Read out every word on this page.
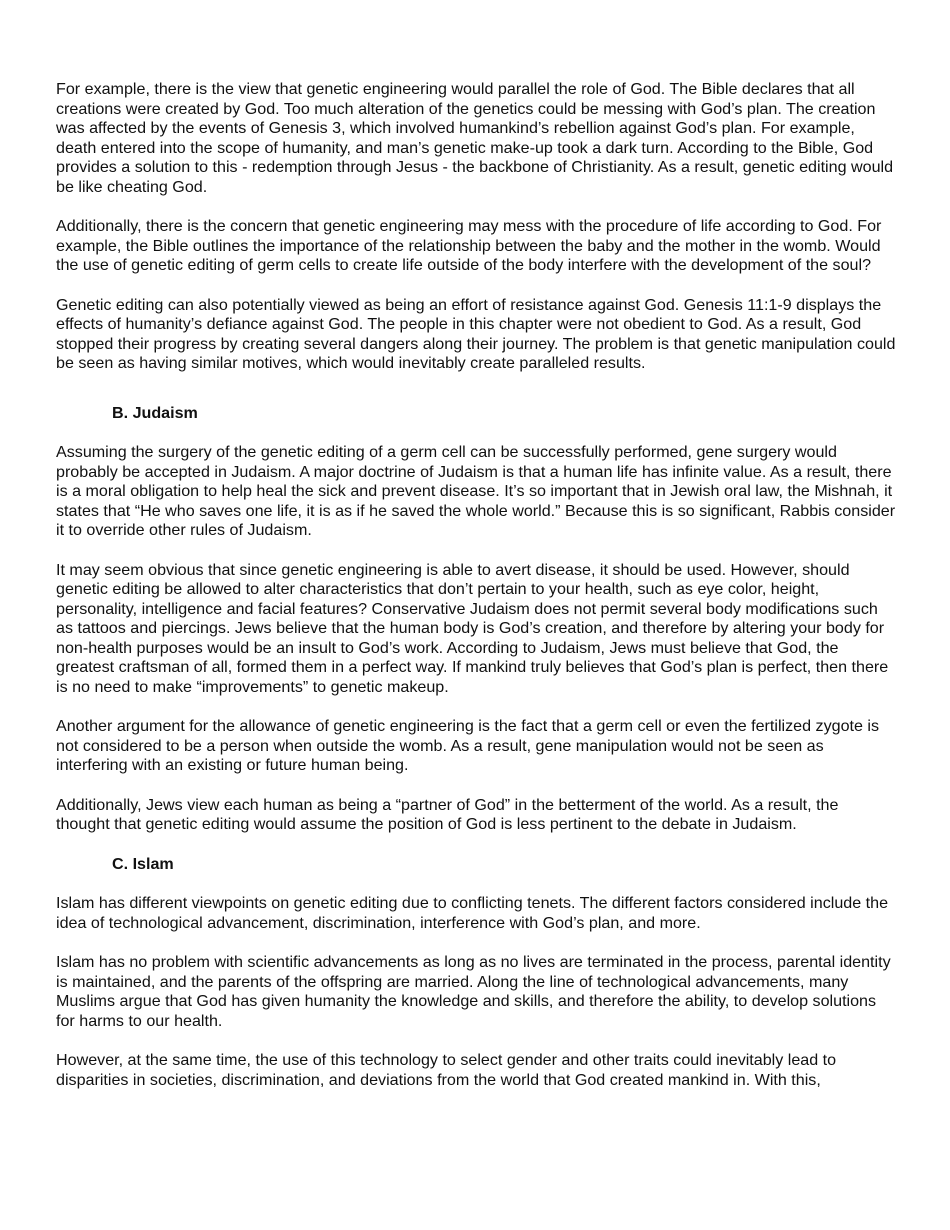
For example, there is the view that genetic engineering would parallel the role of God. The Bible declares that all creations were created by God. Too much alteration of the genetics could be messing with God’s plan. The creation was affected by the events of Genesis 3, which involved humankind’s rebellion against God’s plan. For example, death entered into the scope of humanity, and man’s genetic make-up took a dark turn. According to the Bible, God provides a solution to this - redemption through Jesus - the backbone of Christianity. As a result, genetic editing would be like cheating God.

Additionally, there is the concern that genetic engineering may mess with the procedure of life according to God. For example, the Bible outlines the importance of the relationship between the baby and the mother in the womb. Would the use of genetic editing of germ cells to create life outside of the body interfere with the development of the soul?

Genetic editing can also potentially viewed as being an effort of resistance against God. Genesis 11:1-9 displays the effects of humanity’s defiance against God. The people in this chapter were not obedient to God. As a result, God stopped their progress by creating several dangers along their journey. The problem is that genetic manipulation could be seen as having similar motives, which would inevitably create paralleled results.

B. Judaism

Assuming the surgery of the genetic editing of a germ cell can be successfully performed, gene surgery would probably be accepted in Judaism. A major doctrine of Judaism is that a human life has infinite value. As a result, there is a moral obligation to help heal the sick and prevent disease. It’s so important that in Jewish oral law, the Mishnah, it states that “He who saves one life, it is as if he saved the whole world.” Because this is so significant, Rabbis consider it to override other rules of Judaism.

It may seem obvious that since genetic engineering is able to avert disease, it should be used. However, should genetic editing be allowed to alter characteristics that don’t pertain to your health, such as eye color, height, personality, intelligence and facial features? Conservative Judaism does not permit several body modifications such as tattoos and piercings. Jews believe that the human body is God’s creation, and therefore by altering your body for non-health purposes would be an insult to God’s work. According to Judaism, Jews must believe that God, the greatest craftsman of all, formed them in a perfect way. If mankind truly believes that God’s plan is perfect, then there is no need to make “improvements” to genetic makeup.

Another argument for the allowance of genetic engineering is the fact that a germ cell or even the fertilized zygote is not considered to be a person when outside the womb. As a result, gene manipulation would not be seen as interfering with an existing or future human being.

Additionally, Jews view each human as being a “partner of God” in the betterment of the world. As a result, the thought that genetic editing would assume the position of God is less pertinent to the debate in Judaism.

C. Islam

Islam has different viewpoints on genetic editing due to conflicting tenets. The different factors considered include the idea of technological advancement, discrimination, interference with God’s plan, and more.

Islam has no problem with scientific advancements as long as no lives are terminated in the process, parental identity is maintained, and the parents of the offspring are married. Along the line of technological advancements, many Muslims argue that God has given humanity the knowledge and skills, and therefore the ability, to develop solutions for harms to our health.

However, at the same time, the use of this technology to select gender and other traits could inevitably lead to disparities in societies, discrimination, and deviations from the world that God created mankind in. With this,
